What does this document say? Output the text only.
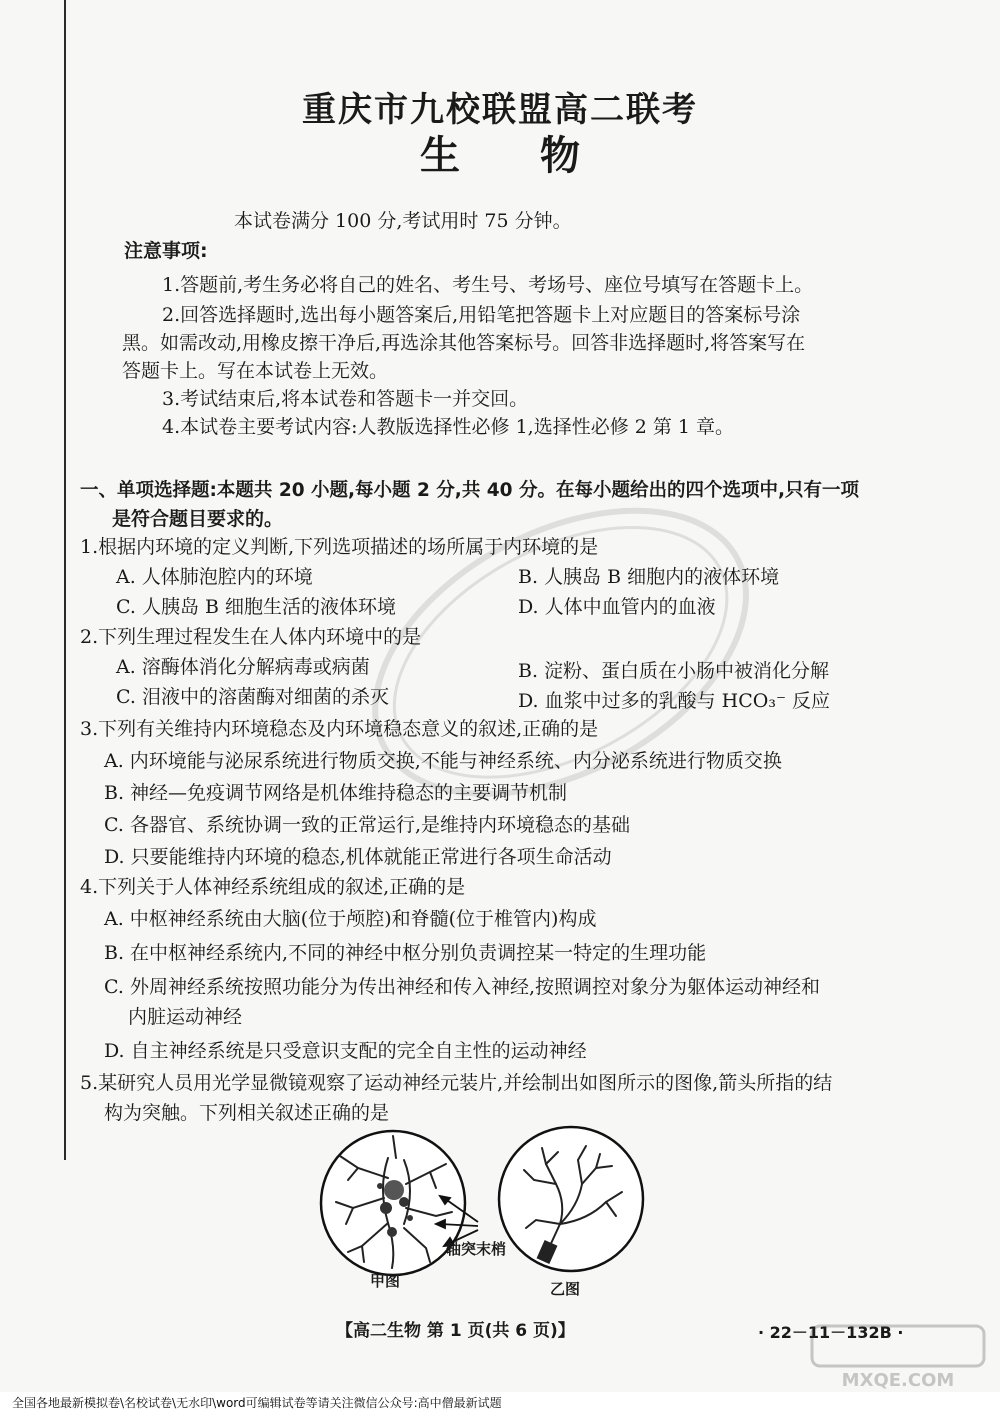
重庆市九校联盟高二联考
生 物
本试卷满分 100 分,考试用时 75 分钟。
注意事项:
1.答题前,考生务必将自己的姓名、考生号、考场号、座位号填写在答题卡上。
2.回答选择题时,选出每小题答案后,用铅笔把答题卡上对应题目的答案标号涂
黑。如需改动,用橡皮擦干净后,再选涂其他答案标号。回答非选择题时,将答案写在
答题卡上。写在本试卷上无效。
3.考试结束后,将本试卷和答题卡一并交回。
4.本试卷主要考试内容:人教版选择性必修 1,选择性必修 2 第 1 章。
一、单项选择题:本题共 20 小题,每小题 2 分,共 40 分。在每小题给出的四个选项中,只有一项
是符合题目要求的。
1.根据内环境的定义判断,下列选项描述的场所属于内环境的是
A. 人体肺泡腔内的环境	B. 人胰岛 B 细胞内的液体环境
C. 人胰岛 B 细胞生活的液体环境	D. 人体中血管内的血液
2.下列生理过程发生在人体内环境中的是
A. 溶酶体消化分解病毒或病菌	B. 淀粉、蛋白质在小肠中被消化分解
C. 泪液中的溶菌酶对细菌的杀灭	D. 血浆中过多的乳酸与 HCO₃⁻ 反应
3.下列有关维持内环境稳态及内环境稳态意义的叙述,正确的是
A. 内环境能与泌尿系统进行物质交换,不能与神经系统、内分泌系统进行物质交换
B. 神经—免疫调节网络是机体维持稳态的主要调节机制
C. 各器官、系统协调一致的正常运行,是维持内环境稳态的基础
D. 只要能维持内环境的稳态,机体就能正常进行各项生命活动
4.下列关于人体神经系统组成的叙述,正确的是
A. 中枢神经系统由大脑(位于颅腔)和脊髓(位于椎管内)构成
B. 在中枢神经系统内,不同的神经中枢分别负责调控某一特定的生理功能
C. 外周神经系统按照功能分为传出神经和传入神经,按照调控对象分为躯体运动神经和
内脏运动神经
D. 自主神经系统是只受意识支配的完全自主性的运动神经
5.某研究人员用光学显微镜观察了运动神经元装片,并绘制出如图所示的图像,箭头所指的结
构为突触。下列相关叙述正确的是
轴突末梢
甲图	乙图
【高二生物 第 1 页(共 6 页)】	· 22－11－132B ·
MXQE.COM
全国各地最新模拟卷\名校试卷\无水印\word可编辑试卷等请关注微信公众号:高中僧最新试题
